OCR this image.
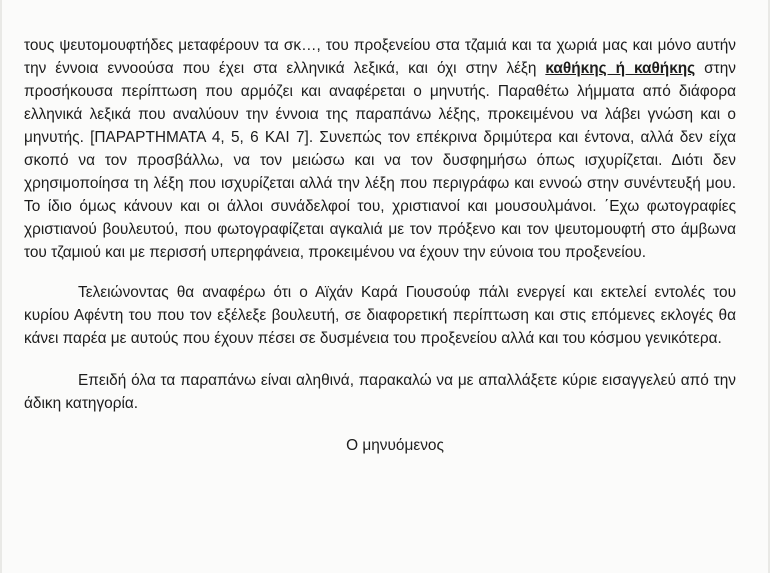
τους ψευτομουφτήδες μεταφέρουν τα σκ…, του προξενείου στα τζαμιά και τα χωριά μας και μόνο αυτήν την έννοια εννοούσα που έχει στα ελληνικά λεξικά, και όχι στην λέξη καθήκης ή καθήκης στην προσήκουσα περίπτωση που αρμόζει και αναφέρεται ο μηνυτής. Παραθέτω λήμματα από διάφορα ελληνικά λεξικά που αναλύουν την έννοια της παραπάνω λέξης, προκειμένου να λάβει γνώση και ο μηνυτής. [ΠΑΡΑΡΤΗΜΑΤΑ 4, 5, 6 ΚΑΙ 7]. Συνεπώς τον επέκρινα δριμύτερα και έντονα, αλλά δεν είχα σκοπό να τον προσβάλλω, να τον μειώσω και να τον δυσφημήσω όπως ισχυρίζεται. Διότι δεν χρησιμοποίησα τη λέξη που ισχυρίζεται αλλά την λέξη που περιγράφω και εννοώ στην συνέντευξή μου. Το ίδιο όμως κάνουν και οι άλλοι συνάδελφοί του, χριστιανοί και μουσουλμάνοι. ΄Εχω φωτογραφίες χριστιανού βουλευτού, που φωτογραφίζεται αγκαλιά με τον πρόξενο και τον ψευτομουφτή στο άμβωνα του τζαμιού και με περισσή υπερηφάνεια, προκειμένου να έχουν την εύνοια του προξενείου.

Τελειώνοντας θα αναφέρω ότι ο Αϊχάν Καρά Γιουσούφ πάλι ενεργεί και εκτελεί εντολές του κυρίου Αφέντη του που τον εξέλεξε βουλευτή, σε διαφορετική περίπτωση και στις επόμενες εκλογές θα κάνει παρέα με αυτούς που έχουν πέσει σε δυσμένεια του προξενείου αλλά και του κόσμου γενικότερα.

Επειδή όλα τα παραπάνω είναι αληθινά, παρακαλώ να με απαλλάξετε κύριε εισαγγελεύ από την άδικη κατηγορία.

Ο μηνυόμενος
